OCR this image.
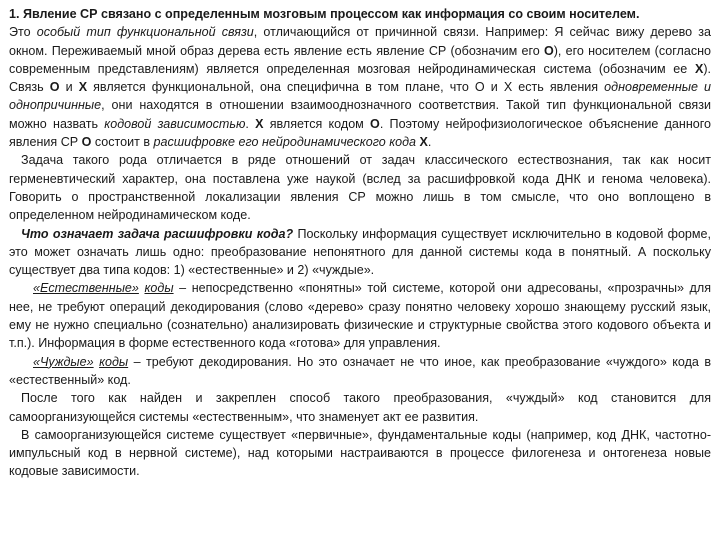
1. Явление СР связано с определенным мозговым процессом как информация со своим носителем.

Это особый тип функциональной связи, отличающийся от причинной связи. Например: Я сейчас вижу дерево за окном. Переживаемый мной образ дерева есть явление есть явление СР (обозначим его O), его носителем (согласно современным представлениям) является определенная мозговая нейродинамическая система (обозначим ее X). Связь O и X является функциональной, она специфична в том плане, что O и X есть явления одновременные и однопричинные, они находятся в отношении взаимоoднозначного соответствия. Такой тип функциональной связи можно назвать кодовой зависимостью. X является кодом O. Поэтому нейрофизиологическое объяснение данного явления СР O состоит в расшифровке его нейродинамического кода X.

Задача такого рода отличается в ряде отношений от задач классического естествознания, так как носит герменевтический характер, она поставлена уже наукой (вслед за расшифровкой кода ДНК и генома человека). Говорить о пространственной локализации явления СР можно лишь в том смысле, что оно воплощено в определенном нейродинамическом коде.

Что означает задача расшифровки кода? Поскольку информация существует исключительно в кодовой форме, это может означать лишь одно: преобразование непонятного для данной системы кода в понятный. А поскольку существует два типа кодов: 1) «естественные» и 2) «чуждые».

«Естественные» коды – непосредственно «понятны» той системе, которой они адресованы, «прозрачны» для нее, не требуют операций декодирования (слово «дерево» сразу понятно человеку хорошо знающему русский язык, ему не нужно специально (сознательно) анализировать физические и структурные свойства этого кодового объекта и т.п.). Информация в форме естественного кода «готова» для управления.

«Чуждые» коды – требуют декодирования. Но это означает не что иное, как преобразование «чуждого» кода в «естественный» код.

После того как найден и закреплен способ такого преобразования, «чуждый» код становится для самоорганизующейся системы «естественным», что знаменует акт ее развития.

В самоорганизующейся системе существует «первичные», фундаментальные коды (например, код ДНК, частотно-импульсный код в нервной системе), над которыми настраиваются в процессе филогенеза и онтогенеза новые кодовые зависимости.
